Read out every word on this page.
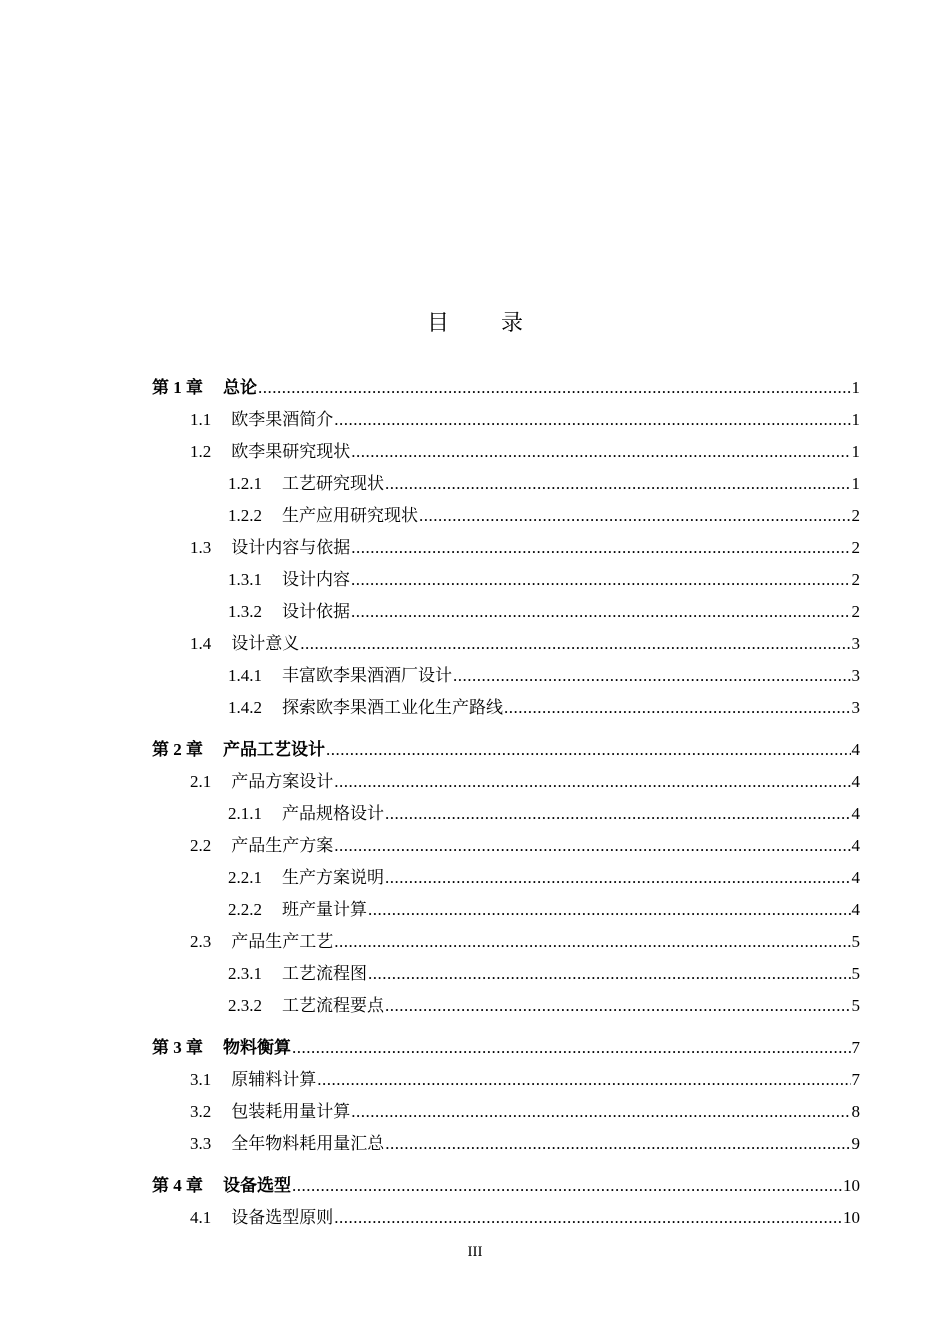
目 录
第 1 章 总论 .....	1
1.1 欧李果酒简介 .....	1
1.2 欧李果研究现状 .....	1
1.2.1 工艺研究现状 .....	1
1.2.2 生产应用研究现状 .....	2
1.3 设计内容与依据 .....	2
1.3.1 设计内容 .....	2
1.3.2 设计依据 .....	2
1.4 设计意义 .....	3
1.4.1 丰富欧李果酒酒厂设计 .....	3
1.4.2 探索欧李果酒工业化生产路线 .....	3
第 2 章 产品工艺设计 .....	4
2.1 产品方案设计 .....	4
2.1.1 产品规格设计 .....	4
2.2 产品生产方案 .....	4
2.2.1 生产方案说明 .....	4
2.2.2 班产量计算 .....	4
2.3 产品生产工艺 .....	5
2.3.1 工艺流程图 .....	5
2.3.2 工艺流程要点 .....	5
第 3 章 物料衡算 .....	7
3.1 原辅料计算 .....	7
3.2 包装耗用量计算 .....	8
3.3 全年物料耗用量汇总 .....	9
第 4 章 设备选型 .....	10
4.1 设备选型原则 .....	10
III
